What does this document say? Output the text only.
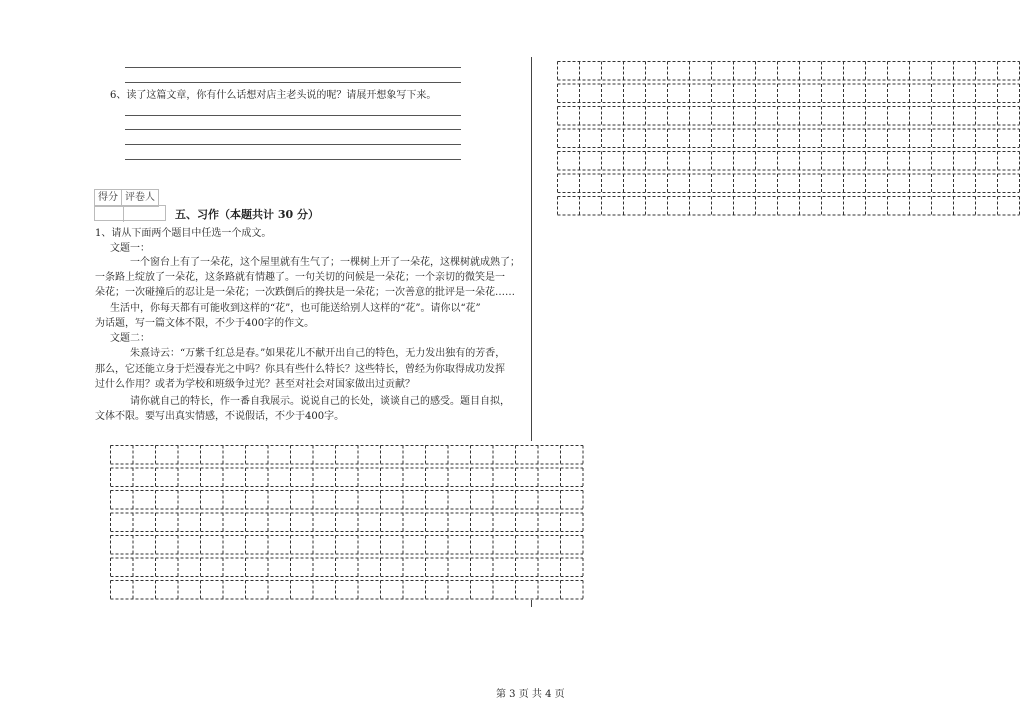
6、读了这篇文章，你有什么话想对店主老头说的呢？请展开想象写下来。
得分 评卷人
五、习作（本题共计 30 分）
1、请从下面两个题目中任选一个成文。
文题一：
一个窗台上有了一朵花，这个屋里就有生气了；一棵树上开了一朵花，这棵树就成熟了；
一条路上绽放了一朵花，这条路就有情趣了。一句关切的问候是一朵花；一个亲切的微笑是一
朵花；一次碰撞后的忍让是一朵花；一次跌倒后的搀扶是一朵花；一次善意的批评是一朵花……
生活中，你每天都有可能收到这样的“花”，也可能送给别人这样的“花”。请你以“花”
为话题，写一篇文体不限，不少于400字的作文。
文题二：
朱熹诗云：“万紫千红总是春。”如果花儿不献开出自己的特色，无力发出独有的芳香，
那么，它还能立身于烂漫春光之中吗？你具有些什么特长？这些特长，曾经为你取得成功发挥
过什么作用？或者为学校和班级争过光？甚至对社会对国家做出过贡献？
请你就自己的特长，作一番自我展示。说说自己的长处，谈谈自己的感受。题目自拟，
文体不限。要写出真实情感，不说假话，不少于400字。
第 3 页 共 4 页
